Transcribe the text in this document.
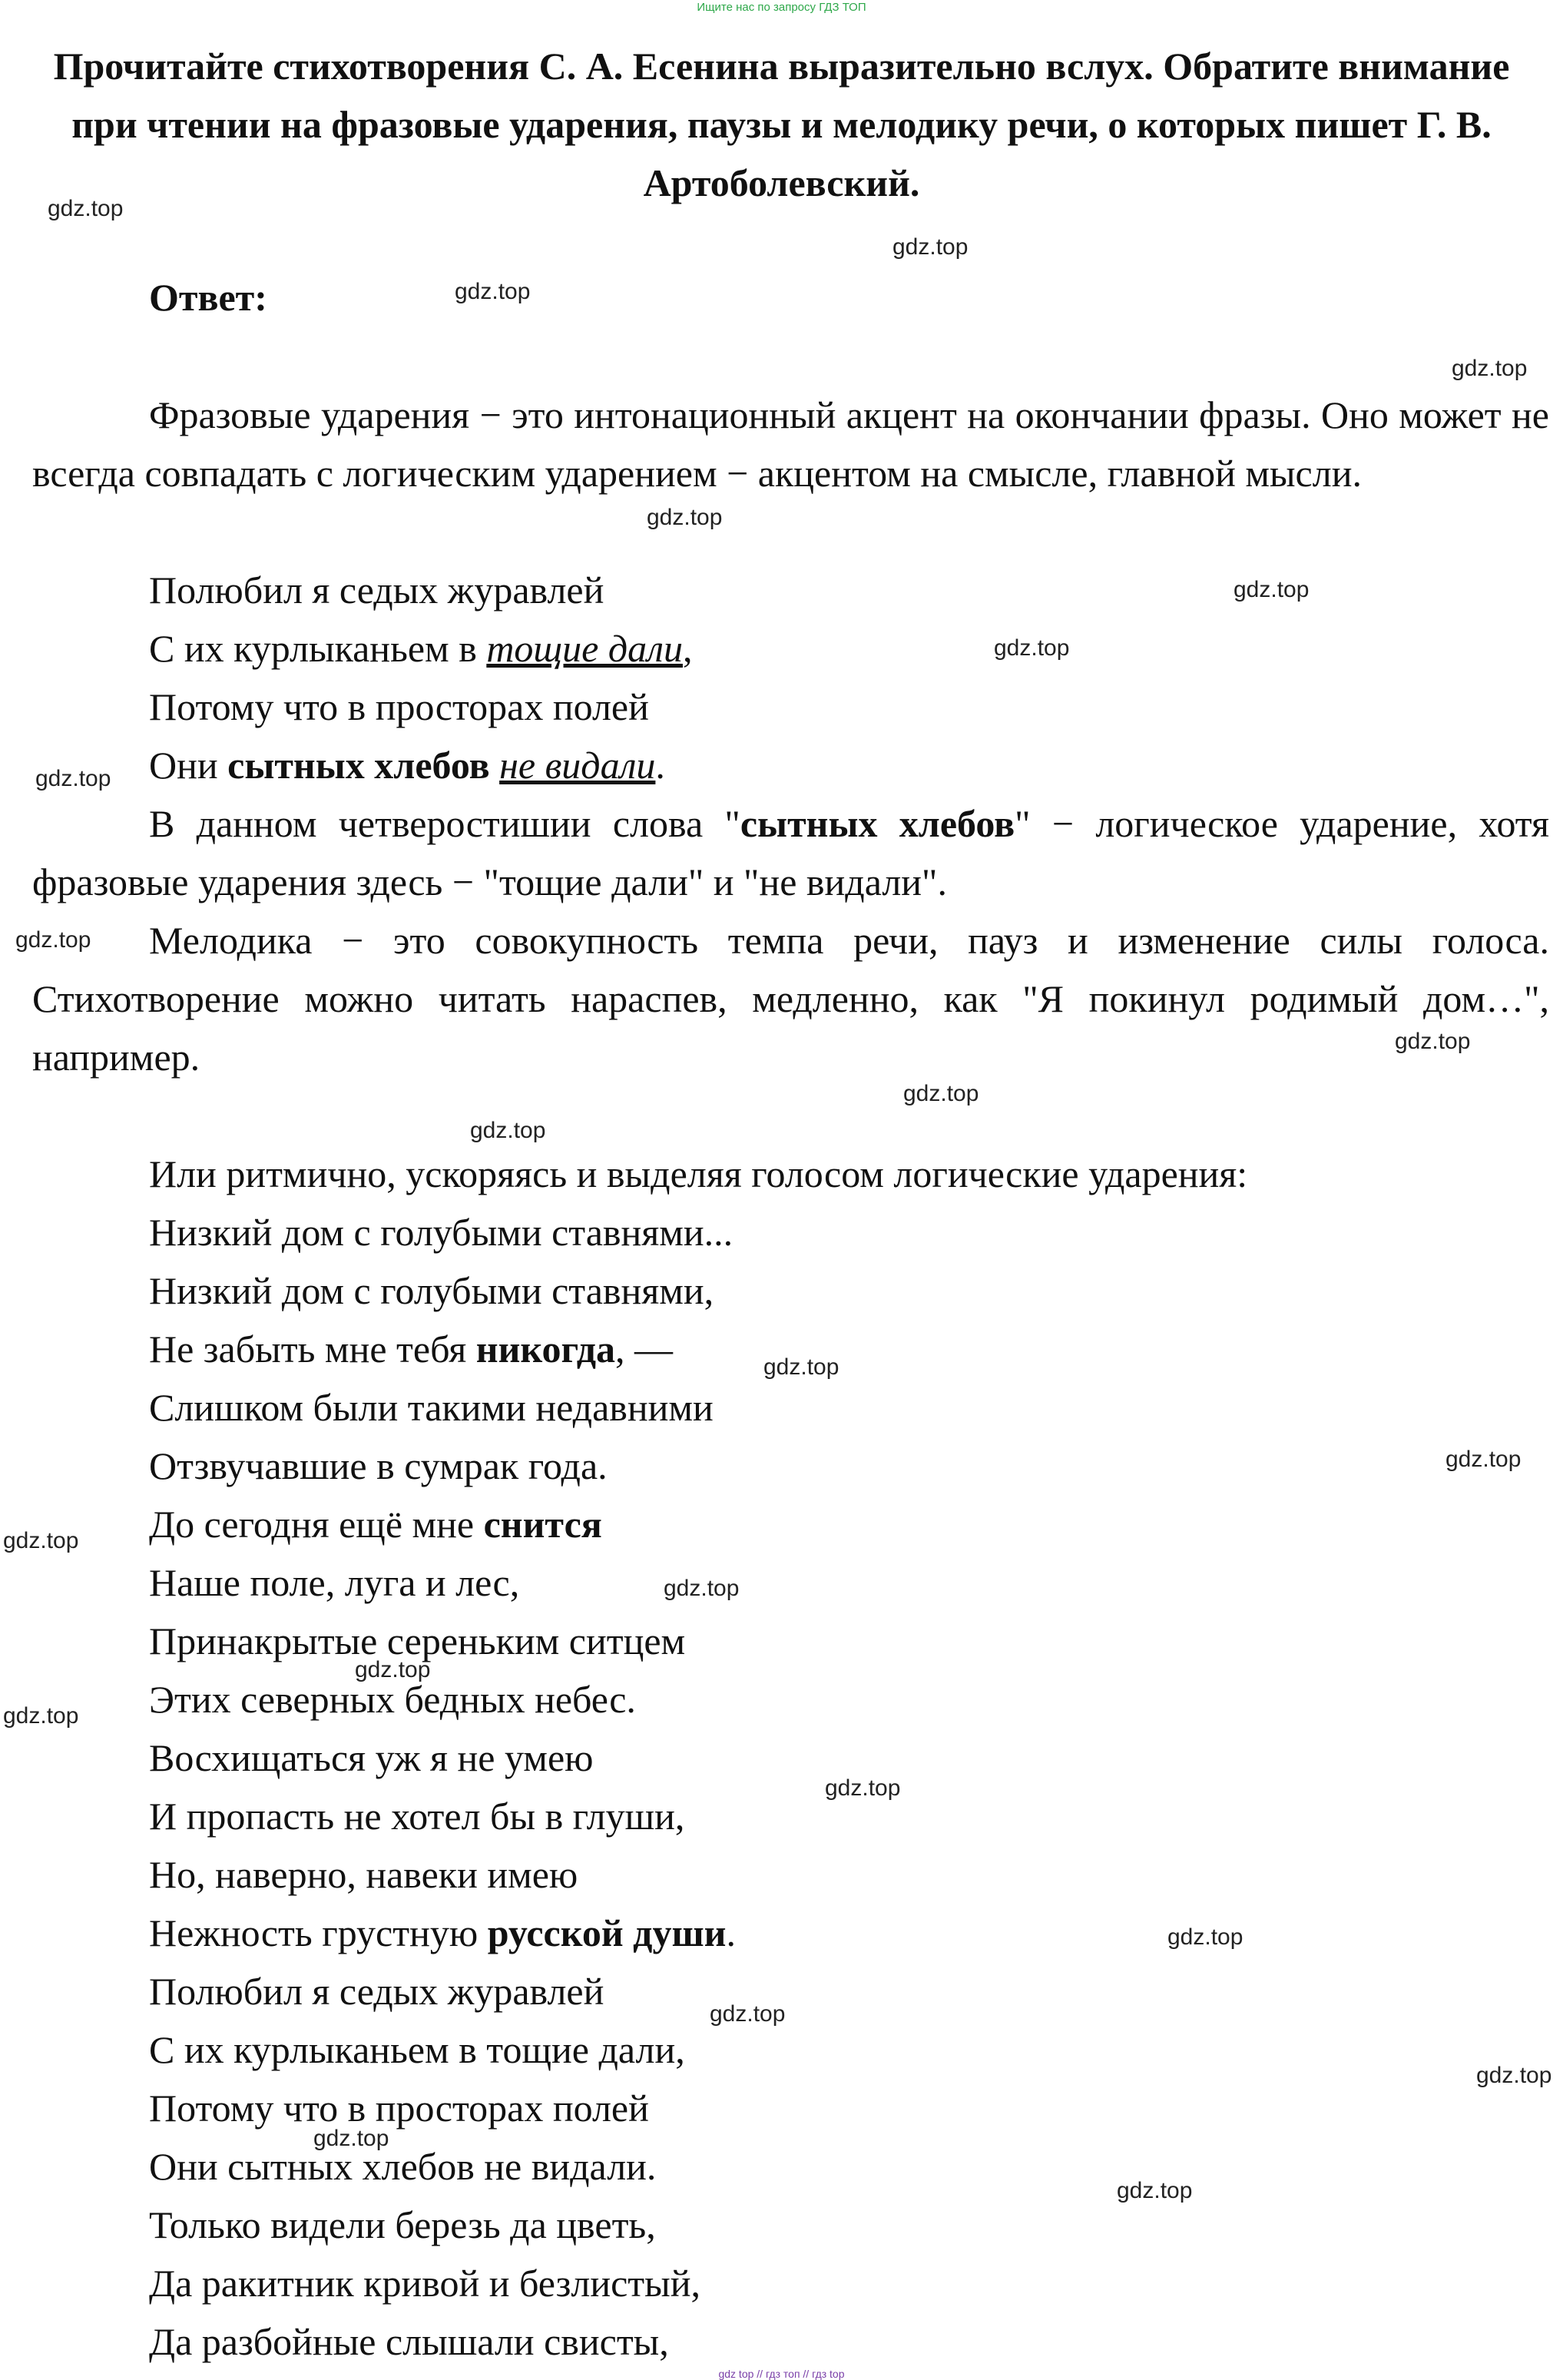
Ищите нас по запросу ГДЗ ТОП
Прочитайте стихотворения С. А. Есенина выразительно вслух. Обратите внимание при чтении на фразовые ударения, паузы и мелодику речи, о которых пишет Г. В. Артоболевский.
Ответ:
Фразовые ударения − это интонационный акцент на окончании фразы. Оно может не всегда совпадать с логическим ударением − акцентом на смысле, главной мысли.
Полюбил я седых журавлей
С их курлыканьем в тощие дали,
Потому что в просторах полей
Они сытных хлебов не видали.
В данном четверостишии слова "сытных хлебов" − логическое ударение, хотя фразовые ударения здесь − "тощие дали" и "не видали".
Мелодика − это совокупность темпа речи, пауз и изменение силы голоса. Стихотворение можно читать нараспев, медленно, как "Я покинул родимый дом…", например.
Или ритмично, ускоряясь и выделяя голосом логические ударения:
Низкий дом с голубыми ставнями...
Низкий дом с голубыми ставнями,
Не забыть мне тебя никогда, —
Слишком были такими недавними
Отзвучавшие в сумрак года.
До сегодня ещё мне снится
Наше поле, луга и лес,
Принакрытые сереньким ситцем
Этих северных бедных небес.
Восхищаться уж я не умею
И пропасть не хотел бы в глуши,
Но, наверно, навеки имею
Нежность грустную русской души.
Полюбил я седых журавлей
С их курлыканьем в тощие дали,
Потому что в просторах полей
Они сытных хлебов не видали.
Только видели березь да цветь,
Да ракитник кривой и безлистый,
Да разбойные слышали свисты,
gdz.top
gdz.top
gdz.top
gdz.top
gdz.top
gdz.top
gdz.top
gdz.top
gdz.top
gdz.top
gdz.top
gdz.top
gdz.top
gdz.top
gdz.top
gdz.top
gdz.top
gdz.top
gdz.top
gdz.top
gdz.top
gdz.top
gdz.top
gdz.top
gdz top // гдз топ // гдз top
